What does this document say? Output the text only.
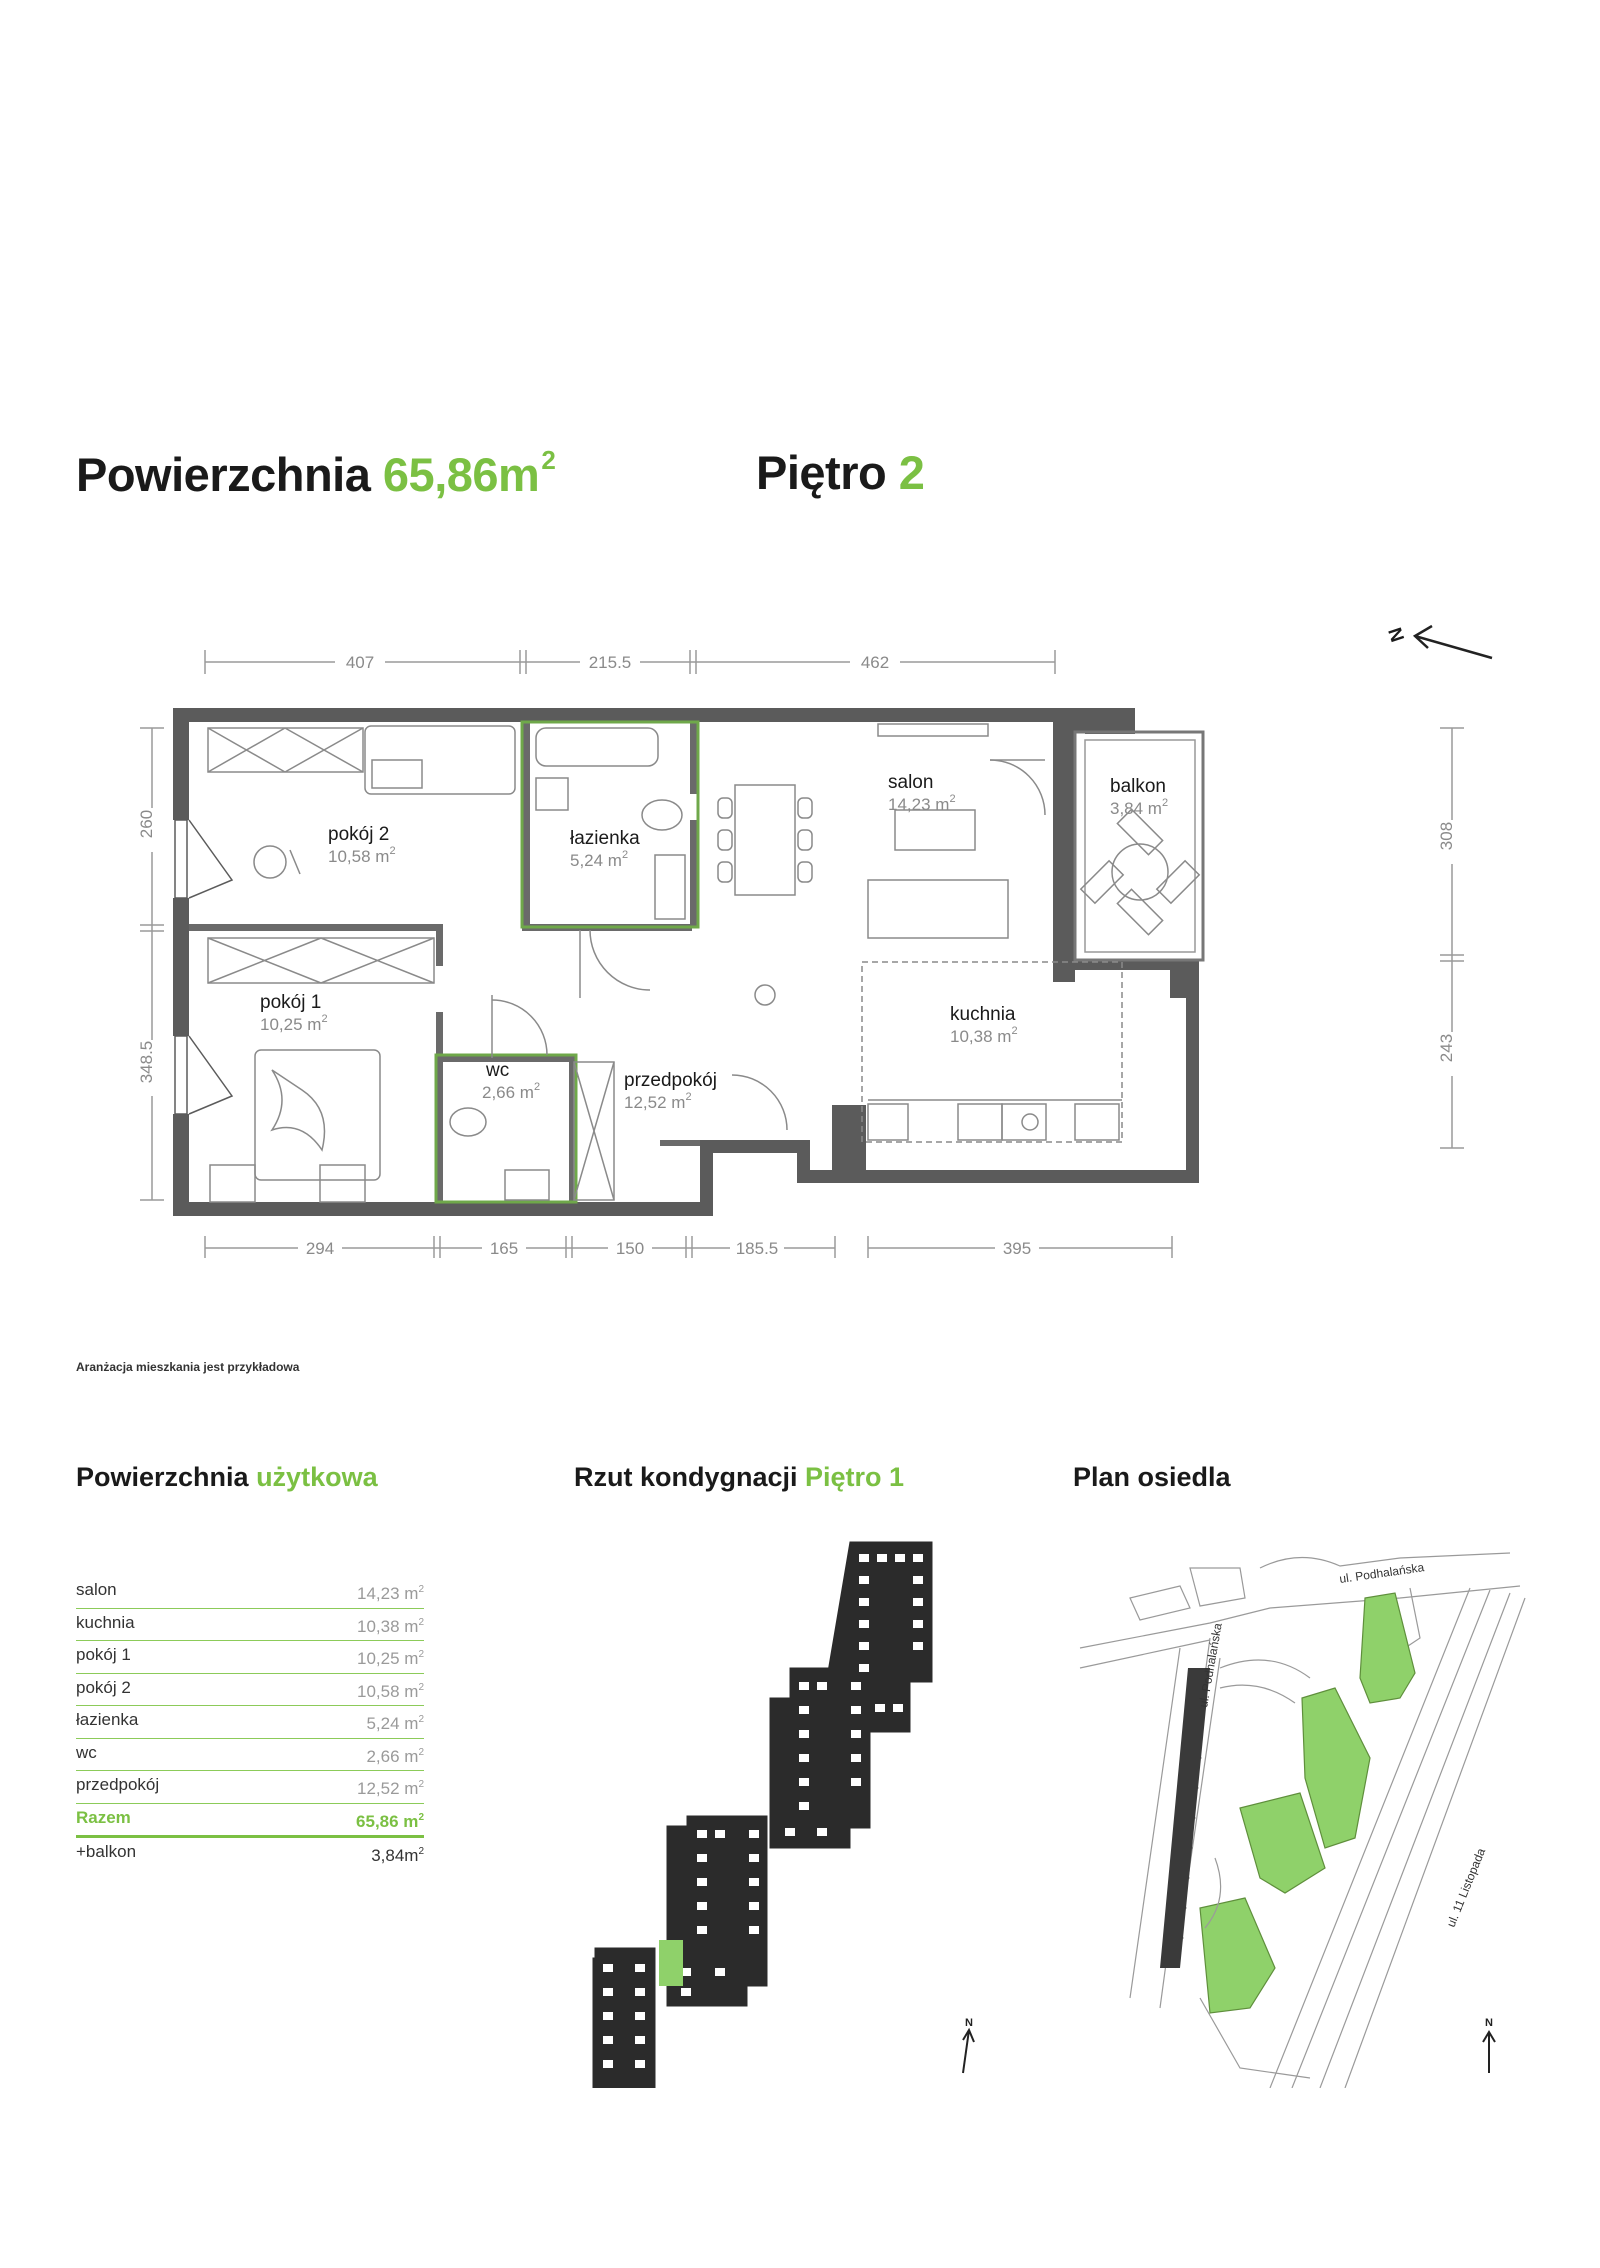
Powierzchnia $65,86m^2$	Piętro 2
N
407	215.5	462
294	165	150	185.5	395
260
348.5
308
243
pokój 2
10,58 $m^2$
łazienka
5,24 $m^2$
salon
14,23 $m^2$
balkon
3,84 $m^2$
pokój 1
10,25 $m^2$
wc
2,66 $m^2$	przedpokój
12,52 $m^2$
kuchnia
10,38 $m^2$
Aranżacja mieszkania jest przykładowa
Powierzchnia użytkowa	Rzut kondygnacji Piętro 1	Plan osiedla
salon	14,23 $m^2$
kuchnia	10,38 $m^2$
pokój 1	10,25 $m^2$
pokój 2	10,58 $m^2$
łazienka	5,24 $m^2$
wc	2,66 $m^2$
przedpokój	12,52 $m^2$
Razem	65,86 $m^2$
+balkon	$3,84m^2$
N
ul. Podhalańska
ul. Podhalańska
ul. 11 Listopada
N
